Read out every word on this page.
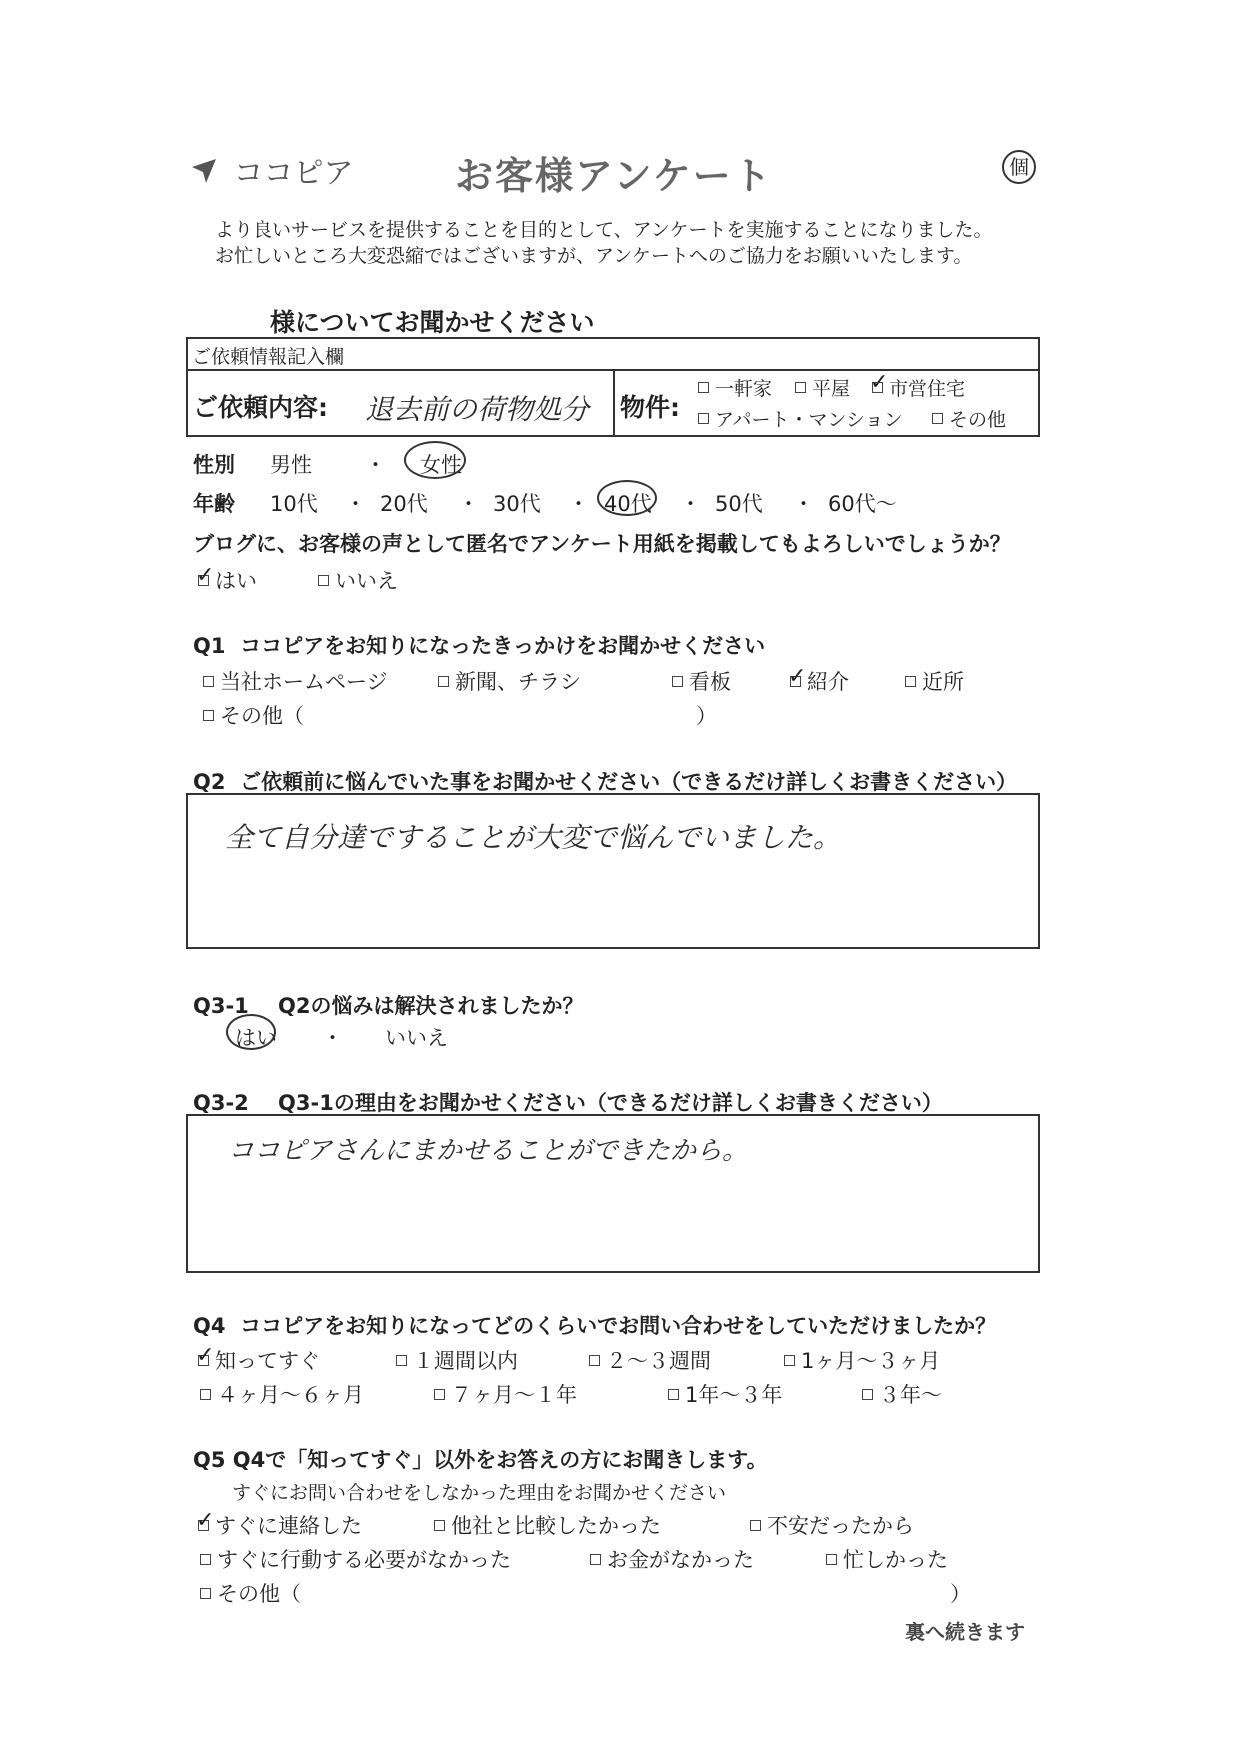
ココピア	お客様アンケート	個
より良いサービスを提供することを目的として、アンケートを実施することになりました。
お忙しいところ大変恐縮ではございますが、アンケートへのご協力をお願いいたします。
様についてお聞かせください
ご依頼情報記入欄
ご依頼内容: 退去前の荷物処分 物件:
一軒家	平屋 ✓	市営住宅
アパート・マンション	その他
性別 男性	・ 女性
年齢 10代 ・ 20代 ・ 30代 ・ 40代 ・ 50代 ・ 60代〜
ブログに、お客様の声として匿名でアンケート用紙を掲載してもよろしいでしょうか？
✓はい	いいえ
Q1 ココピアをお知りになったきっかけをお聞かせください
当社ホームページ	新聞、チラシ	看板 ✓	紹介	近所
その他（	）
Q2 ご依頼前に悩んでいた事をお聞かせください（できるだけ詳しくお書きください）
全て自分達ですることが大変で悩んでいました。
Q3-1 Q2の悩みは解決されましたか？
はい ・ いいえ
Q3-2 Q3-1の理由をお聞かせください（できるだけ詳しくお書きください）
ココピアさんにまかせることができたから。
Q4 ココピアをお知りになってどのくらいでお問い合わせをしていただけましたか？
✓知ってすぐ	１週間以内	２〜３週間	1ヶ月〜３ヶ月
４ヶ月〜６ヶ月	７ヶ月〜１年	1年〜３年	３年〜
Q5 Q4で「知ってすぐ」以外をお答えの方にお聞きします。
すぐにお問い合わせをしなかった理由をお聞かせください
✓すぐに連絡した	他社と比較したかった	不安だったから
すぐに行動する必要がなかった	お金がなかった	忙しかった
その他（	）
裏へ続きます
